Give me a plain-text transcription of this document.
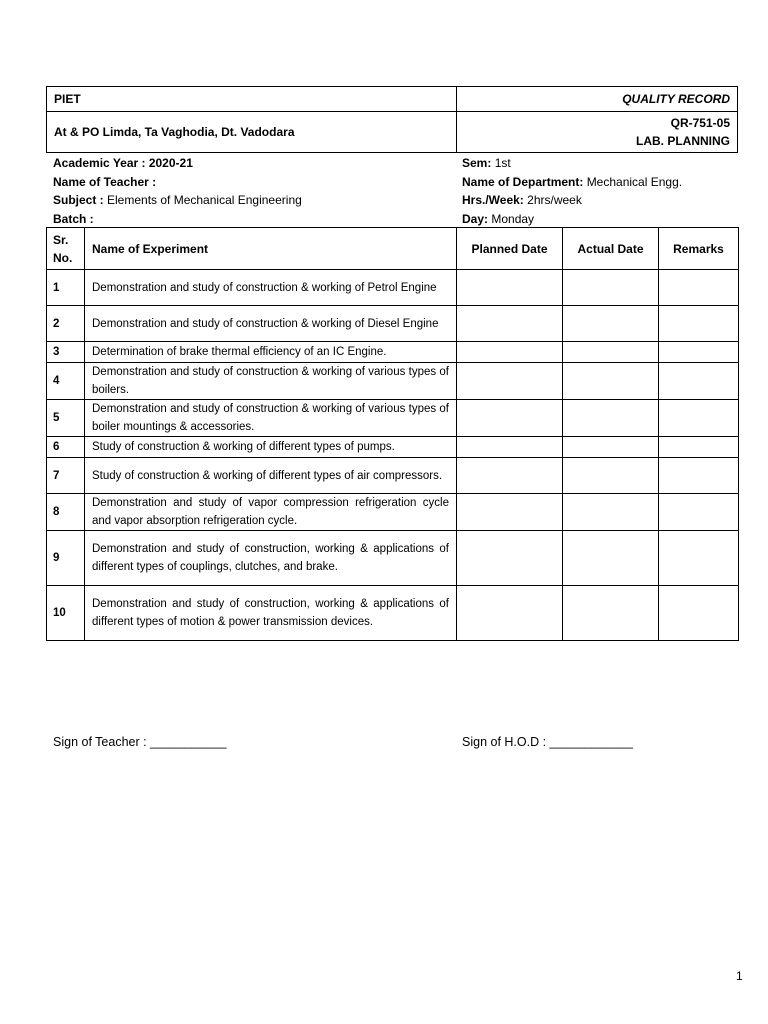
PIET	QUALITY RECORD
At & PO Limda, Ta Vaghodia, Dt. Vadodara	QR-751-05
LAB. PLANNING
Academic Year : 2020-21
Name of Teacher :
Subject : Elements of Mechanical Engineering
Batch :
Sem: 1st
Name of Department: Mechanical Engg.
Hrs./Week: 2hrs/week
Day: Monday
Sr. No.	Name of Experiment	Planned Date	Actual Date	Remarks
1	Demonstration and study of construction & working of Petrol Engine			
2	Demonstration and study of construction & working of Diesel Engine			
3	Determination of brake thermal efficiency of an IC Engine.			
4	Demonstration and study of construction & working of various types of boilers.			
5	Demonstration and study of construction & working of various types of boiler mountings & accessories.			
6	Study of construction & working of different types of pumps.			
7	Study of construction & working of different types of air compressors.			
8	Demonstration and study of vapor compression refrigeration cycle and vapor absorption refrigeration cycle.			
9	Demonstration and study of construction, working & applications of different types of couplings, clutches, and brake.			
10	Demonstration and study of construction, working & applications of different types of motion & power transmission devices.			
Sign of Teacher : ___________	Sign of H.O.D : ____________
1
